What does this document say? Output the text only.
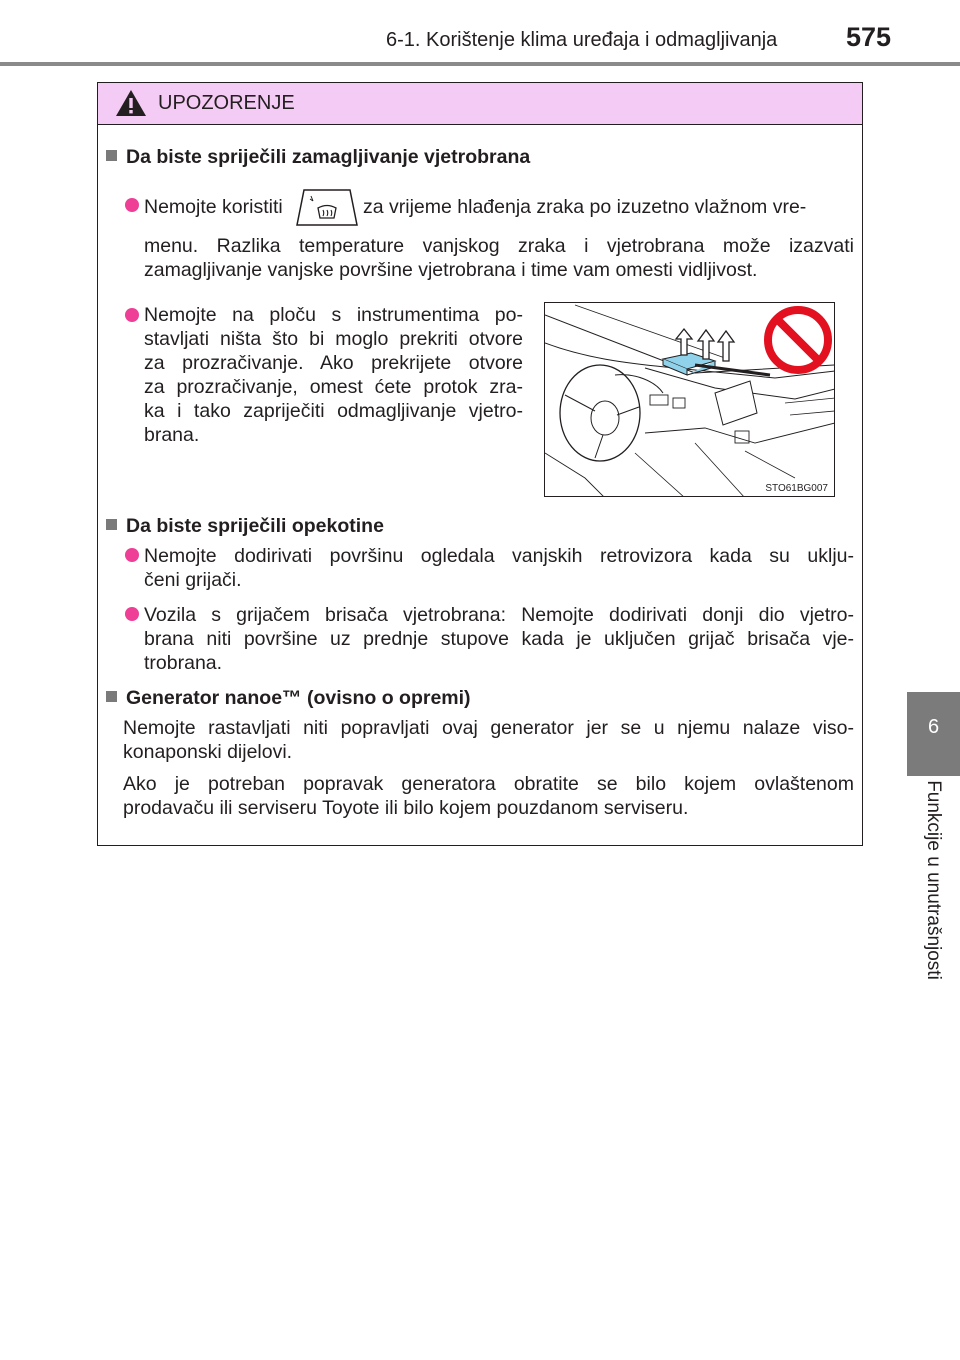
6-1. Korištenje klima uređaja i odmagljivanja	575
6
Funkcije u unutrašnjosti
UPOZORENJE
Da biste spriječili zamagljivanje vjetrobrana
Nemojte koristiti	za vrijeme hlađenja zraka po izuzetno vlažnom vre-
menu. Razlika temperature vanjskog zraka i vjetrobrana može izazvati
zamagljivanje vanjske površine vjetrobrana i time vam omesti vidljivost.
Nemojte na ploču s instrumentima po-
stavljati ništa što bi moglo prekriti otvore
za prozračivanje. Ako prekrijete otvore
za prozračivanje, omest ćete protok zra-
ka i tako zapriječiti odmagljivanje vjetro-
brana.
Da biste spriječili opekotine
Nemojte dodirivati površinu ogledala vanjskih retrovizora kada su uklju-
čeni grijači.
Vozila s grijačem brisača vjetrobrana: Nemojte dodirivati donji dio vjetro-
brana niti površine uz prednje stupove kada je uključen grijač brisača vje-
trobrana.
Generator nanoe™ (ovisno o opremi)
Nemojte rastavljati niti popravljati ovaj generator jer se u njemu nalaze viso-
konaponski dijelovi.
Ako je potreban popravak generatora obratite se bilo kojem ovlaštenom
prodavaču ili serviseru Toyote ili bilo kojem pouzdanom serviseru.
STO61BG007
